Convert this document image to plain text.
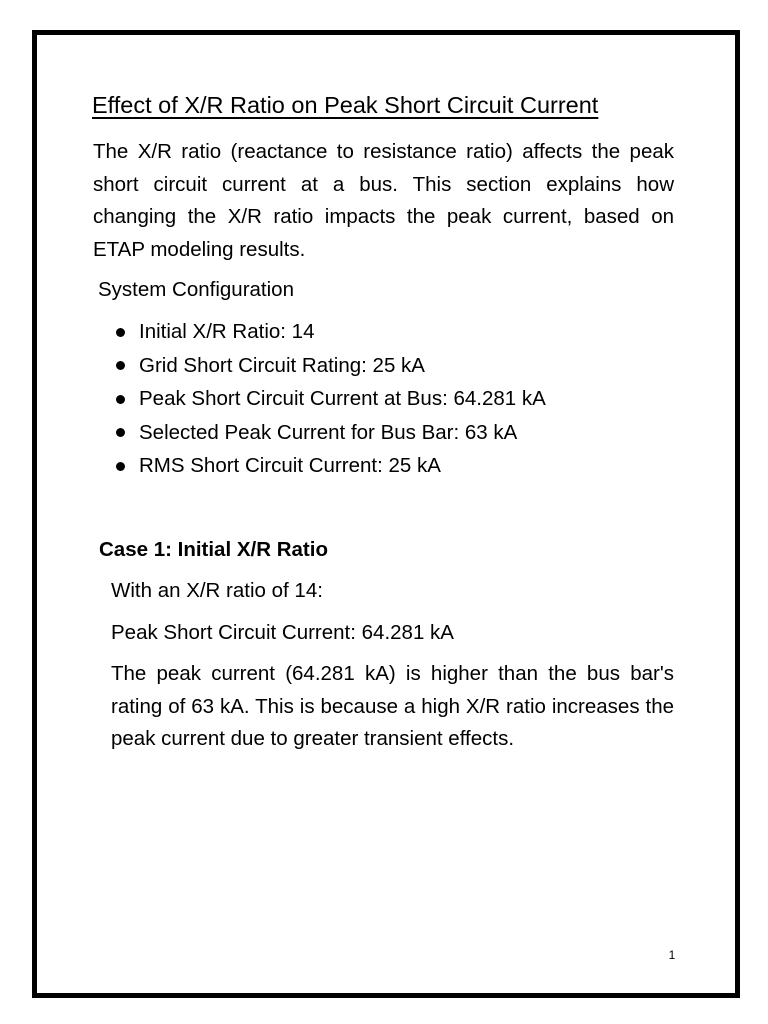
Effect of X/R Ratio on Peak Short Circuit Current

The X/R ratio (reactance to resistance ratio) affects the peak short circuit current at a bus. This section explains how changing the X/R ratio impacts the peak current, based on ETAP modeling results.

System Configuration
Initial X/R Ratio: 14
Grid Short Circuit Rating: 25 kA
Peak Short Circuit Current at Bus: 64.281 kA
Selected Peak Current for Bus Bar: 63 kA
RMS Short Circuit Current: 25 kA
Case 1: Initial X/R Ratio

With an X/R ratio of 14:

Peak Short Circuit Current: 64.281 kA

The peak current (64.281 kA) is higher than the bus bar's rating of 63 kA. This is because a high X/R ratio increases the peak current due to greater transient effects.

1
